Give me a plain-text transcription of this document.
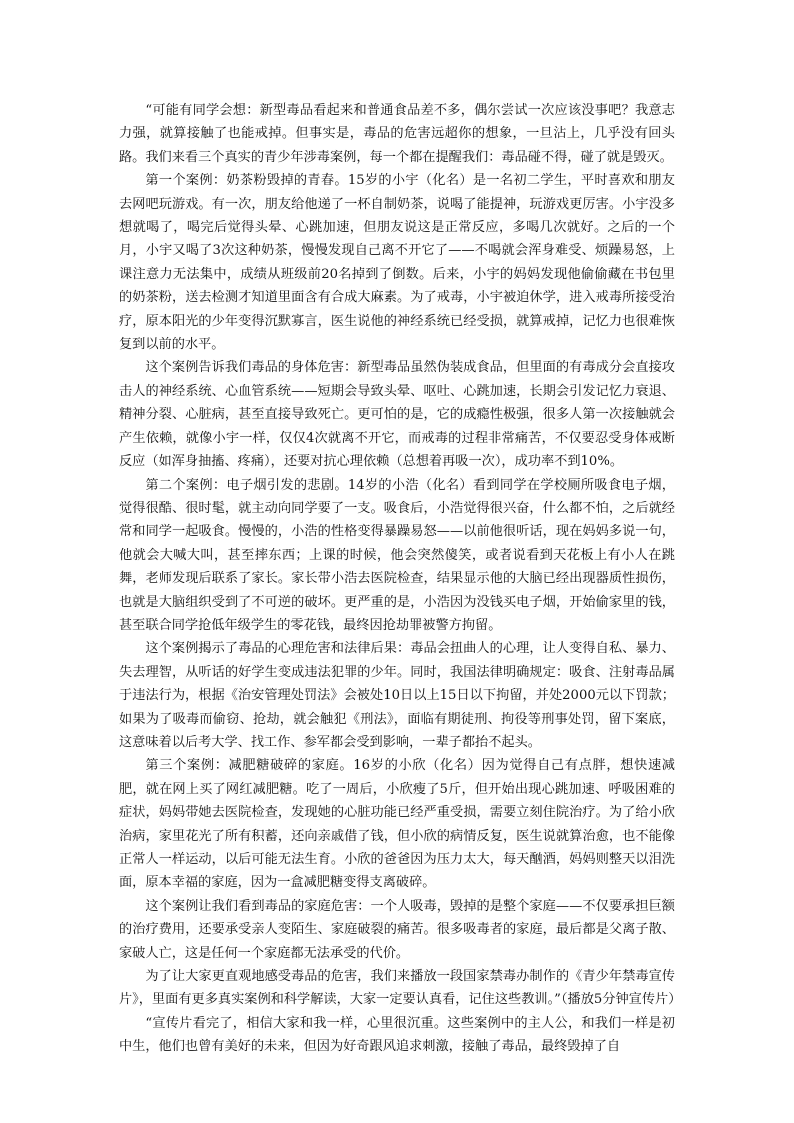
“可能有同学会想：新型毒品看起来和普通食品差不多，偶尔尝试一次应该没事吧？我意志力强，就算接触了也能戒掉。但事实是，毒品的危害远超你的想象，一旦沾上，几乎没有回头路。我们来看三个真实的青少年涉毒案例，每一个都在提醒我们：毒品碰不得，碰了就是毁灭。

第一个案例：奶茶粉毁掉的青春。15岁的小宇（化名）是一名初二学生，平时喜欢和朋友去网吧玩游戏。有一次，朋友给他递了一杯自制奶茶，说喝了能提神，玩游戏更厉害。小宇没多想就喝了，喝完后觉得头晕、心跳加速，但朋友说这是正常反应，多喝几次就好。之后的一个月，小宇又喝了3次这种奶茶，慢慢发现自己离不开它了——不喝就会浑身难受、烦躁易怒，上课注意力无法集中，成绩从班级前20名掉到了倒数。后来，小宇的妈妈发现他偷偷藏在书包里的奶茶粉，送去检测才知道里面含有合成大麻素。为了戒毒，小宇被迫休学，进入戒毒所接受治疗，原本阳光的少年变得沉默寡言，医生说他的神经系统已经受损，就算戒掉，记忆力也很难恢复到以前的水平。

这个案例告诉我们毒品的身体危害：新型毒品虽然伪装成食品，但里面的有毒成分会直接攻击人的神经系统、心血管系统——短期会导致头晕、呕吐、心跳加速，长期会引发记忆力衰退、精神分裂、心脏病，甚至直接导致死亡。更可怕的是，它的成瘾性极强，很多人第一次接触就会产生依赖，就像小宇一样，仅仅4次就离不开它，而戒毒的过程非常痛苦，不仅要忍受身体戒断反应（如浑身抽搐、疼痛），还要对抗心理依赖（总想着再吸一次），成功率不到10%。

第二个案例：电子烟引发的悲剧。14岁的小浩（化名）看到同学在学校厕所吸食电子烟，觉得很酷、很时髦，就主动向同学要了一支。吸食后，小浩觉得很兴奋，什么都不怕，之后就经常和同学一起吸食。慢慢的，小浩的性格变得暴躁易怒——以前他很听话，现在妈妈多说一句，他就会大喊大叫，甚至摔东西；上课的时候，他会突然傻笑，或者说看到天花板上有小人在跳舞，老师发现后联系了家长。家长带小浩去医院检查，结果显示他的大脑已经出现器质性损伤，也就是大脑组织受到了不可逆的破坏。更严重的是，小浩因为没钱买电子烟，开始偷家里的钱，甚至联合同学抢低年级学生的零花钱，最终因抢劫罪被警方拘留。

这个案例揭示了毒品的心理危害和法律后果：毒品会扭曲人的心理，让人变得自私、暴力、失去理智，从听话的好学生变成违法犯罪的少年。同时，我国法律明确规定：吸食、注射毒品属于违法行为，根据《治安管理处罚法》会被处10日以上15日以下拘留，并处2000元以下罚款；如果为了吸毒而偷窃、抢劫，就会触犯《刑法》，面临有期徒刑、拘役等刑事处罚，留下案底，这意味着以后考大学、找工作、参军都会受到影响，一辈子都抬不起头。

第三个案例：减肥糖破碎的家庭。16岁的小欣（化名）因为觉得自己有点胖，想快速减肥，就在网上买了网红减肥糖。吃了一周后，小欣瘦了5斤，但开始出现心跳加速、呼吸困难的症状，妈妈带她去医院检查，发现她的心脏功能已经严重受损，需要立刻住院治疗。为了给小欣治病，家里花光了所有积蓄，还向亲戚借了钱，但小欣的病情反复，医生说就算治愈，也不能像正常人一样运动，以后可能无法生育。小欣的爸爸因为压力太大，每天酗酒，妈妈则整天以泪洗面，原本幸福的家庭，因为一盒减肥糖变得支离破碎。

这个案例让我们看到毒品的家庭危害：一个人吸毒，毁掉的是整个家庭——不仅要承担巨额的治疗费用，还要承受亲人变陌生、家庭破裂的痛苦。很多吸毒者的家庭，最后都是父离子散、家破人亡，这是任何一个家庭都无法承受的代价。

为了让大家更直观地感受毒品的危害，我们来播放一段国家禁毒办制作的《青少年禁毒宣传片》，里面有更多真实案例和科学解读，大家一定要认真看，记住这些教训。”（播放5分钟宣传片）

“宣传片看完了，相信大家和我一样，心里很沉重。这些案例中的主人公，和我们一样是初中生，他们也曾有美好的未来，但因为好奇跟风追求刺激，接触了毒品，最终毁掉了自
